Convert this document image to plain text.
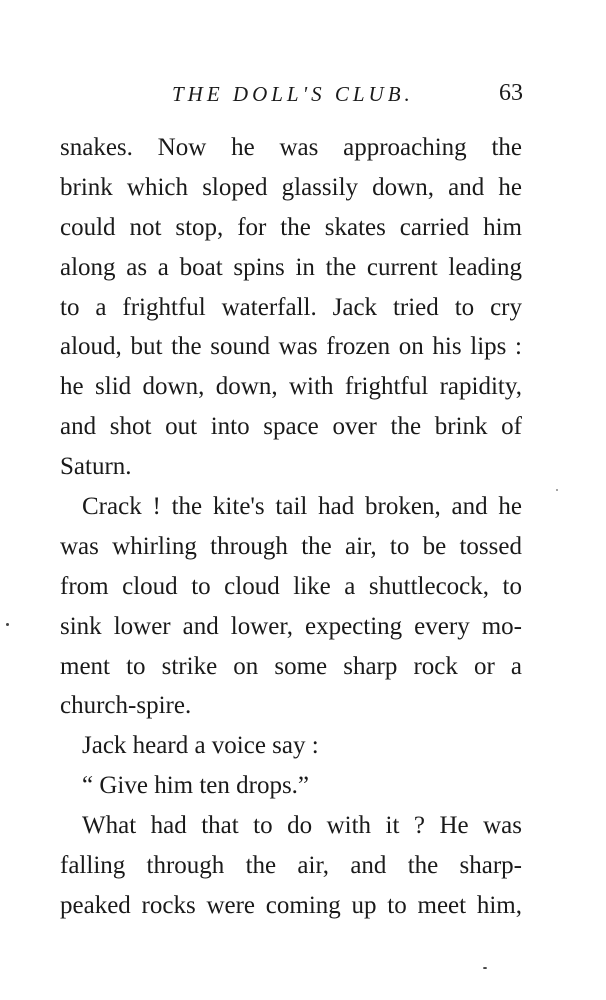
THE DOLL'S CLUB.	63
snakes. Now he was approaching the
brink which sloped glassily down, and he
could not stop, for the skates carried him
along as a boat spins in the current leading
to a frightful waterfall. Jack tried to cry
aloud, but the sound was frozen on his lips :
he slid down, down, with frightful rapidity,
and shot out into space over the brink of
Saturn.
Crack ! the kite's tail had broken, and he
was whirling through the air, to be tossed
from cloud to cloud like a shuttlecock, to
sink lower and lower, expecting every mo-
ment to strike on some sharp rock or a
church-spire.
Jack heard a voice say :
“ Give him ten drops.”
What had that to do with it ? He was
falling through the air, and the sharp-
peaked rocks were coming up to meet him,
